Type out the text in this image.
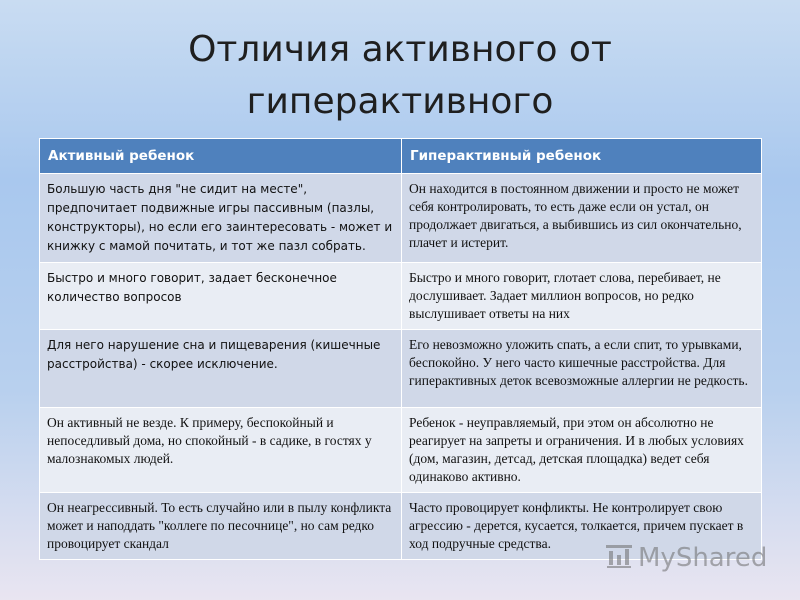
Отличия активного от
гиперактивного
Активный ребенок	Гиперактивный ребенок
Большую часть дня "не сидит на месте", предпочитает подвижные игры пассивным (пазлы, конструкторы), но если его заинтересовать - может и книжку с мамой почитать, и тот же пазл собрать.	Он находится в постоянном движении и просто не может себя контролировать, то есть даже если он устал, он продолжает двигаться, а выбившись из сил окончательно, плачет и истерит.
Быстро и много говорит, задает бесконечное количество вопросов	Быстро и много говорит, глотает слова, перебивает, не дослушивает. Задает миллион вопросов, но редко выслушивает ответы на них
Для него нарушение сна и пищеварения (кишечные расстройства) - скорее исключение.	Его невозможно уложить спать, а если спит, то урывками, беспокойно. У него часто кишечные расстройства. Для гиперактивных деток всевозможные аллергии не редкость.
Он активный не везде. К примеру, беспокойный и непоседливый дома, но спокойный - в садике, в гостях у малознакомых людей.	Ребенок - неуправляемый, при этом он абсолютно не реагирует на запреты и ограничения. И в любых условиях (дом, магазин, детсад, детская площадка) ведет себя одинаково активно.
Он неагрессивный. То есть случайно или в пылу конфликта может и наподдать "коллеге по песочнице", но сам редко провоцирует скандал	Часто провоцирует конфликты. Не контролирует свою агрессию - дерется, кусается, толкается, причем пускает в ход подручные средства.	MyShared
